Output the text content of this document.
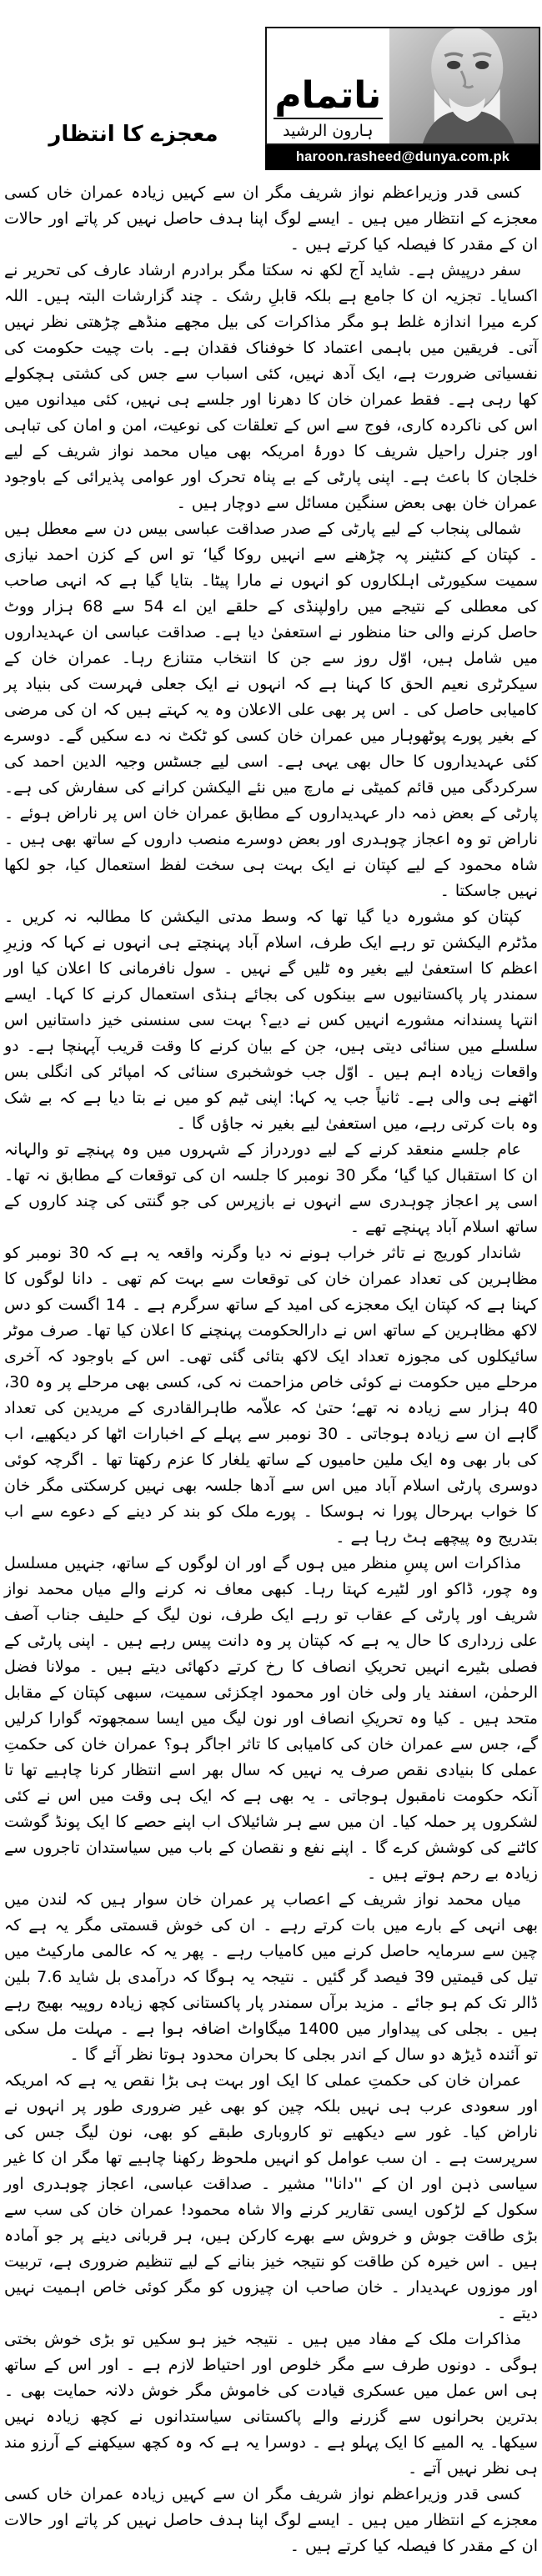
ناتمام
ہارون الرشید
haroon.rasheed@dunya.com.pk
معجزے کا انتظار

کسی قدر وزیراعظم نواز شریف مگر ان سے کہیں زیادہ عمران خاں کسی معجزے کے انتظار میں ہیں ۔ ایسے لوگ اپنا ہدف حاصل نہیں کر پاتے اور حالات ان کے مقدر کا فیصلہ کیا کرتے ہیں ۔

سفر درپیش ہے۔ شاید آج لکھ نہ سکتا مگر برادرم ارشاد عارف کی تحریر نے اکسایا۔ تجزیہ ان کا جامع ہے بلکہ قابلِ رشک ۔ چند گزارشات البتہ ہیں۔ اللہ کرے میرا اندازہ غلط ہو مگر مذاکرات کی بیل مجھے منڈھے چڑھتی نظر نہیں آتی۔ فریقین میں باہمی اعتماد کا خوفناک فقدان ہے۔ بات چیت حکومت کی نفسیاتی ضرورت ہے، ایک آدھ نہیں، کئی اسباب سے جس کی کشتی ہچکولے کھا رہی ہے۔ فقط عمران خان کا دھرنا اور جلسے ہی نہیں، کئی میدانوں میں اس کی ناکردہ کاری، فوج سے اس کے تعلقات کی نوعیت، امن و امان کی تباہی اور جنرل راحیل شریف کا دورۂ امریکہ بھی میاں محمد نواز شریف کے لیے خلجان کا باعث ہے۔ اپنی پارٹی کے بے پناہ تحرک اور عوامی پذیرائی کے باوجود عمران خان بھی بعض سنگین مسائل سے دوچار ہیں ۔

شمالی پنجاب کے لیے پارٹی کے صدر صداقت عباسی بیس دن سے معطل ہیں ۔ کپتان کے کنٹینر پہ چڑھنے سے انہیں روکا گیا‘ تو اس کے کزن احمد نیازی سمیت سکیورٹی اہلکاروں کو انہوں نے مارا پیٹا۔ بتایا گیا ہے کہ انہی صاحب کی معطلی کے نتیجے میں راولپنڈی کے حلقے این اے 54 سے 68 ہزار ووٹ حاصل کرنے والی حنا منظور نے استعفیٰ دیا ہے۔ صداقت عباسی ان عہدیداروں میں شامل ہیں، اوّل روز سے جن کا انتخاب متنازع رہا۔ عمران خان کے سیکرٹری نعیم الحق کا کہنا ہے کہ انہوں نے ایک جعلی فہرست کی بنیاد پر کامیابی حاصل کی ۔ اس پر بھی علی الاعلان وہ یہ کہتے ہیں کہ ان کی مرضی کے بغیر پورے پوٹھوہار میں عمران خان کسی کو ٹکٹ نہ دے سکیں گے۔ دوسرے کئی عہدیداروں کا حال بھی یہی ہے۔ اسی لیے جسٹس وجیہ الدین احمد کی سرکردگی میں قائم کمیٹی نے مارچ میں نئے الیکشن کرانے کی سفارش کی ہے۔ پارٹی کے بعض ذمہ دار عہدیداروں کے مطابق عمران خان اس پر ناراض ہوئے ۔ ناراض تو وہ اعجاز چوہدری اور بعض دوسرے منصب داروں کے ساتھ بھی ہیں ۔ شاہ محمود کے لیے کپتان نے ایک بہت ہی سخت لفظ استعمال کیا، جو لکھا نہیں جاسکتا ۔

کپتان کو مشورہ دیا گیا تھا کہ وسط مدتی الیکشن کا مطالبہ نہ کریں ۔ مڈٹرم الیکشن تو رہے ایک طرف، اسلام آباد پہنچتے ہی انہوں نے کہا کہ وزیرِ اعظم کا استعفیٰ لیے بغیر وہ ٹلیں گے نہیں ۔ سول نافرمانی کا اعلان کیا اور سمندر پار پاکستانیوں سے بینکوں کی بجائے ہنڈی استعمال کرنے کا کہا۔ ایسے انتہا پسندانہ مشورے انہیں کس نے دیے؟ بہت سی سنسنی خیز داستانیں اس سلسلے میں سنائی دیتی ہیں، جن کے بیان کرنے کا وقت قریب آپہنچا ہے۔ دو واقعات زیادہ اہم ہیں ۔ اوّل جب خوشخبری سنائی کہ امپائر کی انگلی بس اٹھنے ہی والی ہے۔ ثانیاً جب یہ کہا: اپنی ٹیم کو میں نے بتا دیا ہے کہ بے شک وہ بات کرتی رہے، میں استعفیٰ لیے بغیر نہ جاؤں گا ۔

عام جلسے منعقد کرنے کے لیے دوردراز کے شہروں میں وہ پہنچے تو والہانہ ان کا استقبال کیا گیا‘ مگر 30 نومبر کا جلسہ ان کی توقعات کے مطابق نہ تھا۔ اسی پر اعجاز چوہدری سے انہوں نے بازپرس کی جو گنتی کی چند کاروں کے ساتھ اسلام آباد پہنچے تھے ۔

شاندار کوریج نے تاثر خراب ہونے نہ دیا وگرنہ واقعہ یہ ہے کہ 30 نومبر کو مظاہرین کی تعداد عمران خان کی توقعات سے بہت کم تھی ۔ دانا لوگوں کا کہنا ہے کہ کپتان ایک معجزے کی امید کے ساتھ سرگرم ہے ۔ 14 اگست کو دس لاکھ مظاہرین کے ساتھ اس نے دارالحکومت پہنچنے کا اعلان کیا تھا۔ صرف موٹر سائیکلوں کی مجوزہ تعداد ایک لاکھ بتائی گئی تھی۔ اس کے باوجود کہ آخری مرحلے میں حکومت نے کوئی خاص مزاحمت نہ کی، کسی بھی مرحلے پر وہ 30، 40 ہزار سے زیادہ نہ تھے؛ حتیٰ کہ علاّمہ طاہرالقادری کے مریدین کی تعداد گاہے ان سے زیادہ ہوجاتی ۔ 30 نومبر سے پہلے کے اخبارات اٹھا کر دیکھیے، اب کی بار بھی وہ ایک ملین حامیوں کے ساتھ یلغار کا عزم رکھتا تھا ۔ اگرچہ کوئی دوسری پارٹی اسلام آباد میں اس سے آدھا جلسہ بھی نہیں کرسکتی مگر خان کا خواب بہرحال پورا نہ ہوسکا ۔ پورے ملک کو بند کر دینے کے دعوے سے اب بتدریج وہ پیچھے ہٹ رہا ہے ۔

مذاکرات اس پسِ منظر میں ہوں گے اور ان لوگوں کے ساتھ، جنہیں مسلسل وہ چور، ڈاکو اور لٹیرے کہتا رہا۔ کبھی معاف نہ کرنے والے میاں محمد نواز شریف اور پارٹی کے عقاب تو رہے ایک طرف، نون لیگ کے حلیف جناب آصف علی زرداری کا حال یہ ہے کہ کپتان پر وہ دانت پیس رہے ہیں ۔ اپنی پارٹی کے فصلی بٹیرے انہیں تحریکِ انصاف کا رخ کرتے دکھائی دیتے ہیں ۔ مولانا فضل الرحمٰن، اسفند یار ولی خان اور محمود اچکزئی سمیت، سبھی کپتان کے مقابل متحد ہیں ۔ کیا وہ تحریکِ انصاف اور نون لیگ میں ایسا سمجھوتہ گوارا کرلیں گے، جس سے عمران خان کی کامیابی کا تاثر اجاگر ہو؟ عمران خان کی حکمتِ عملی کا بنیادی نقص صرف یہ نہیں کہ سال بھر اسے انتظار کرنا چاہیے تھا تا آنکہ حکومت نامقبول ہوجاتی ۔ یہ بھی ہے کہ ایک ہی وقت میں اس نے کئی لشکروں پر حملہ کیا۔ ان میں سے ہر شائیلاک اب اپنے حصے کا ایک پونڈ گوشت کاٹنے کی کوشش کرے گا ۔ اپنے نفع و نقصان کے باب میں سیاستدان تاجروں سے زیادہ بے رحم ہوتے ہیں ۔

میاں محمد نواز شریف کے اعصاب پر عمران خان سوار ہیں کہ لندن میں بھی انہی کے بارے میں بات کرتے رہے ۔ ان کی خوش قسمتی مگر یہ ہے کہ چین سے سرمایہ حاصل کرنے میں کامیاب رہے ۔ پھر یہ کہ عالمی مارکیٹ میں تیل کی قیمتیں 39 فیصد گر گئیں ۔ نتیجہ یہ ہوگا کہ درآمدی بل شاید 7.6 بلین ڈالر تک کم ہو جائے ۔ مزید برآں سمندر پار پاکستانی کچھ زیادہ روپیہ بھیج رہے ہیں ۔ بجلی کی پیداوار میں 1400 میگاواٹ اضافہ ہوا ہے ۔ مہلت مل سکی تو آئندہ ڈیڑھ دو سال کے اندر بجلی کا بحران محدود ہوتا نظر آئے گا ۔

عمران خان کی حکمتِ عملی کا ایک اور بہت ہی بڑا نقص یہ ہے کہ امریکہ اور سعودی عرب ہی نہیں بلکہ چین کو بھی غیر ضروری طور پر انہوں نے ناراض کیا۔ غور سے دیکھیے تو کاروباری طبقے کو بھی، نون لیگ جس کی سرپرست ہے ۔ ان سب عوامل کو انہیں ملحوظ رکھنا چاہیے تھا مگر ان کا غیر سیاسی ذہن اور ان کے ''دانا'' مشیر ۔ صداقت عباسی، اعجاز چوہدری اور سکول کے لڑکوں ایسی تقاریر کرنے والا شاہ محمود! عمران خان کی سب سے بڑی طاقت جوش و خروش سے بھرے کارکن ہیں، ہر قربانی دینے پر جو آمادہ ہیں ۔ اس خیرہ کن طاقت کو نتیجہ خیز بنانے کے لیے تنظیم ضروری ہے، تربیت اور موزوں عہدیدار ۔ خان صاحب ان چیزوں کو مگر کوئی خاص اہمیت نہیں دیتے ۔

مذاکرات ملک کے مفاد میں ہیں ۔ نتیجہ خیز ہو سکیں تو بڑی خوش بختی ہوگی ۔ دونوں طرف سے مگر خلوص اور احتیاط لازم ہے ۔ اور اس کے ساتھ ہی اس عمل میں عسکری قیادت کی خاموش مگر خوش دلانہ حمایت بھی ۔ بدترین بحرانوں سے گزرنے والے پاکستانی سیاستدانوں نے کچھ زیادہ نہیں سیکھا۔ یہ المیے کا ایک پہلو ہے ۔ دوسرا یہ ہے کہ وہ کچھ سیکھنے کے آرزو مند ہی نظر نہیں آتے ۔

کسی قدر وزیراعظم نواز شریف مگر ان سے کہیں زیادہ عمران خاں کسی معجزے کے انتظار میں ہیں ۔ ایسے لوگ اپنا ہدف حاصل نہیں کر پاتے اور حالات ان کے مقدر کا فیصلہ کیا کرتے ہیں ۔
